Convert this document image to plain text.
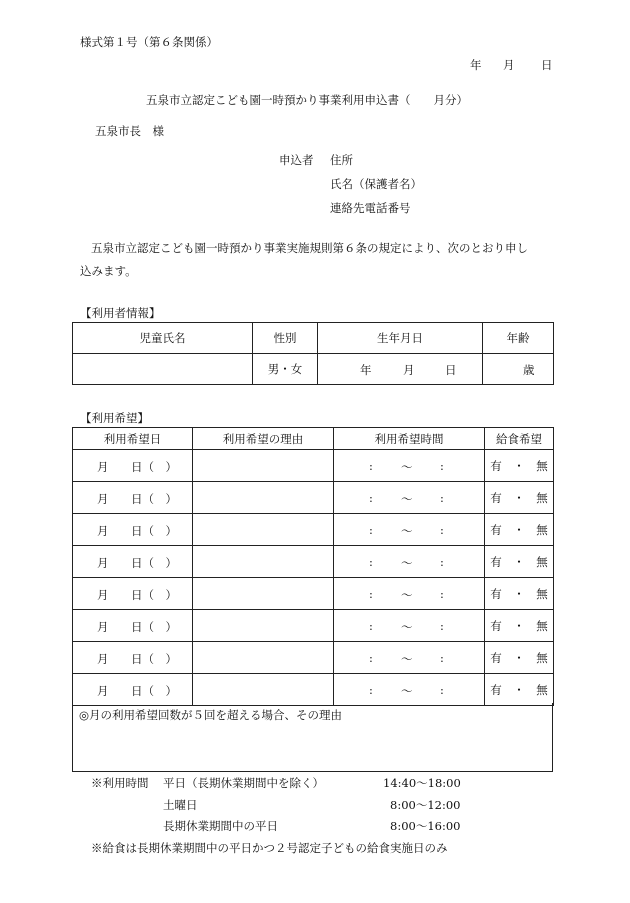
様式第１号（第６条関係）
年 月 日
五泉市立認定こども園一時預かり事業利用申込書（　　月分）
五泉市長　様
申込者 住所
氏名（保護者名）
連絡先電話番号
五泉市立認定こども園一時預かり事業実施規則第６条の規定により、次のとおり申し
込みます。
【利用者情報】
児童氏名	性別	生年月日	年齢
	男・女	年 月 日	歳
【利用希望】
利用希望日	利用希望の理由	利用希望時間	給食希望

月 日（　）		: 〜 :	有　・　無

月 日（　）		: 〜 :	有　・　無

月 日（　）		: 〜 :	有　・　無

月 日（　）		: 〜 :	有　・　無

月 日（　）		: 〜 :	有　・　無

月 日（　）		: 〜 :	有　・　無

月 日（　）		: 〜 :	有　・　無

月 日（　）		: 〜 :	有　・　無
◎月の利用希望回数が５回を超える場合、その理由
※利用時間 平日（長期休業期間中を除く）	14:40〜18:00
土曜日	8:00〜12:00
長期休業期間中の平日	8:00〜16:00
※給食は長期休業期間中の平日かつ２号認定子どもの給食実施日のみ
